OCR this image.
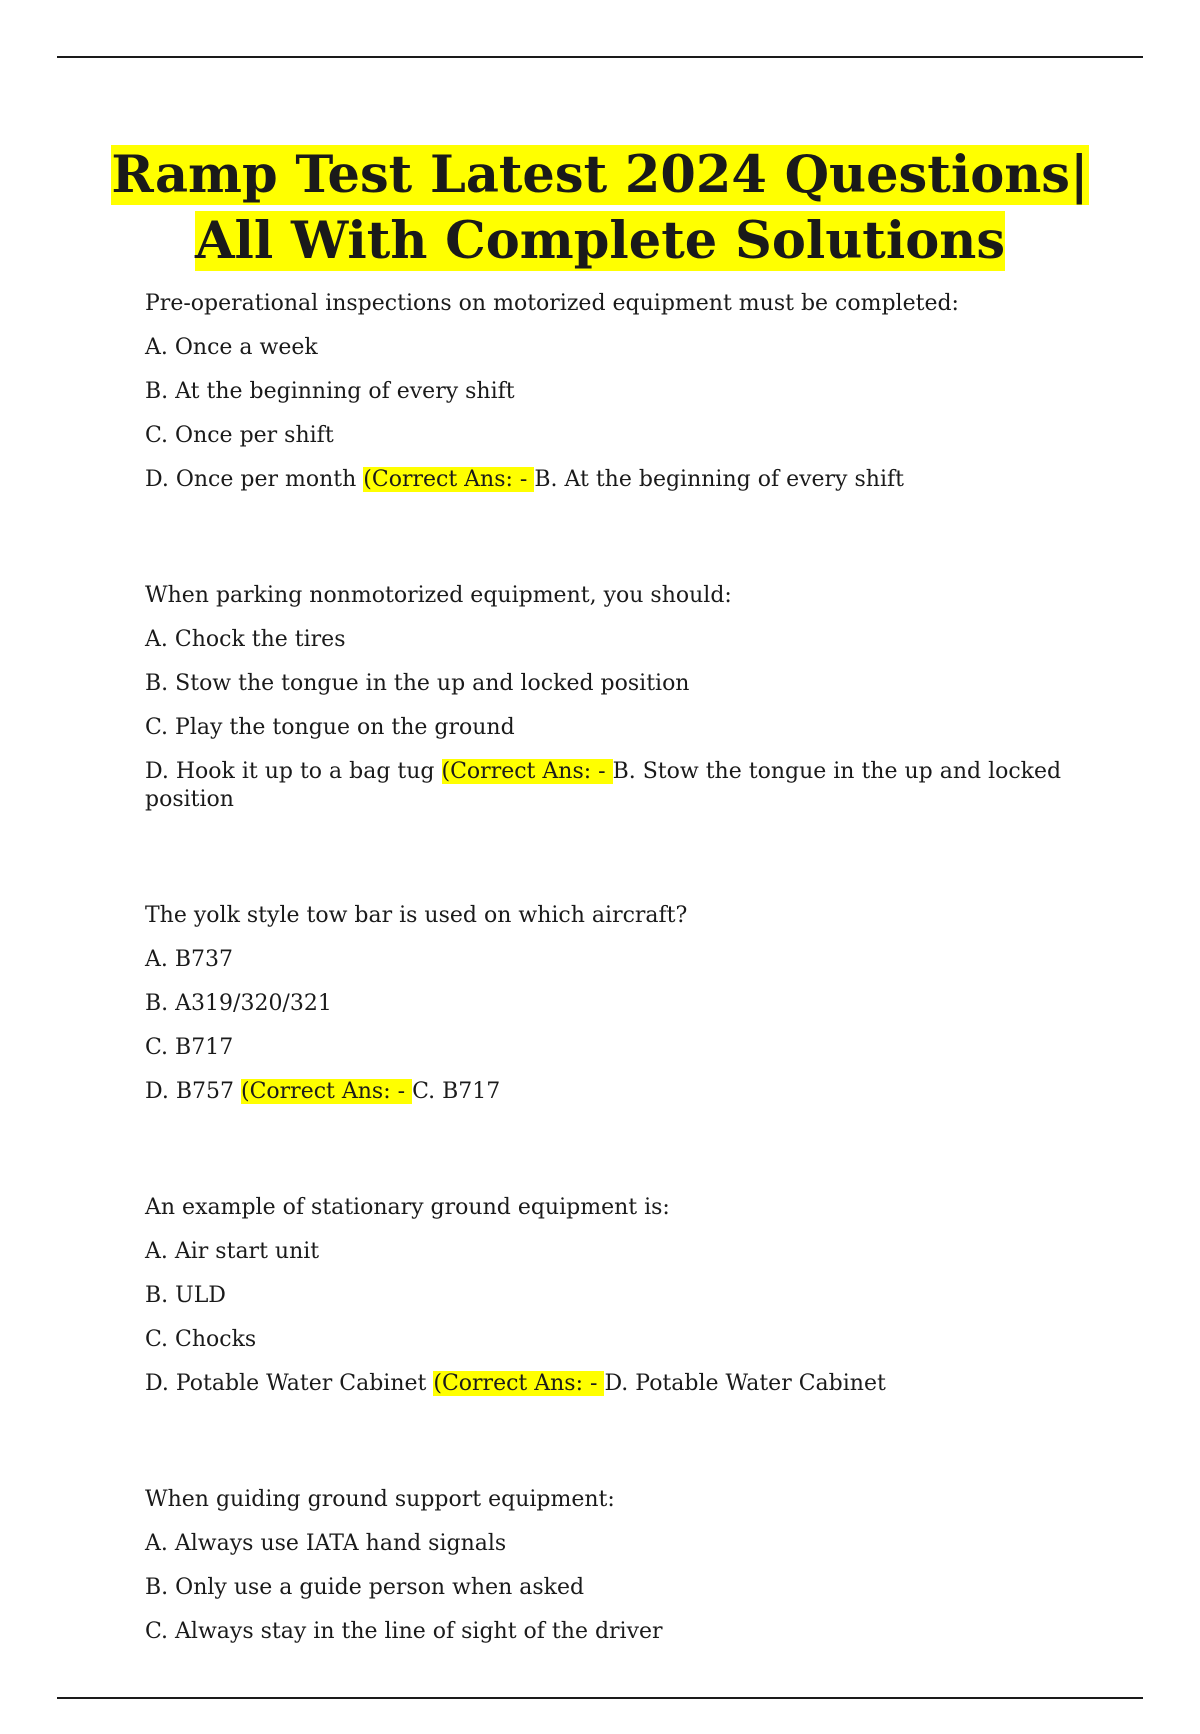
Ramp Test Latest 2024 Questions|
All With Complete Solutions

Pre-operational inspections on motorized equipment must be completed:

A. Once a week

B. At the beginning of every shift

C. Once per shift

D. Once per month (Correct Ans: - B. At the beginning of every shift

When parking nonmotorized equipment, you should:

A. Chock the tires

B. Stow the tongue in the up and locked position

C. Play the tongue on the ground

D. Hook it up to a bag tug (Correct Ans: - B. Stow the tongue in the up and locked position

The yolk style tow bar is used on which aircraft?

A. B737

B. A319/320/321

C. B717

D. B757 (Correct Ans: - C. B717

An example of stationary ground equipment is:

A. Air start unit

B. ULD

C. Chocks

D. Potable Water Cabinet (Correct Ans: - D. Potable Water Cabinet

When guiding ground support equipment:

A. Always use IATA hand signals

B. Only use a guide person when asked

C. Always stay in the line of sight of the driver
